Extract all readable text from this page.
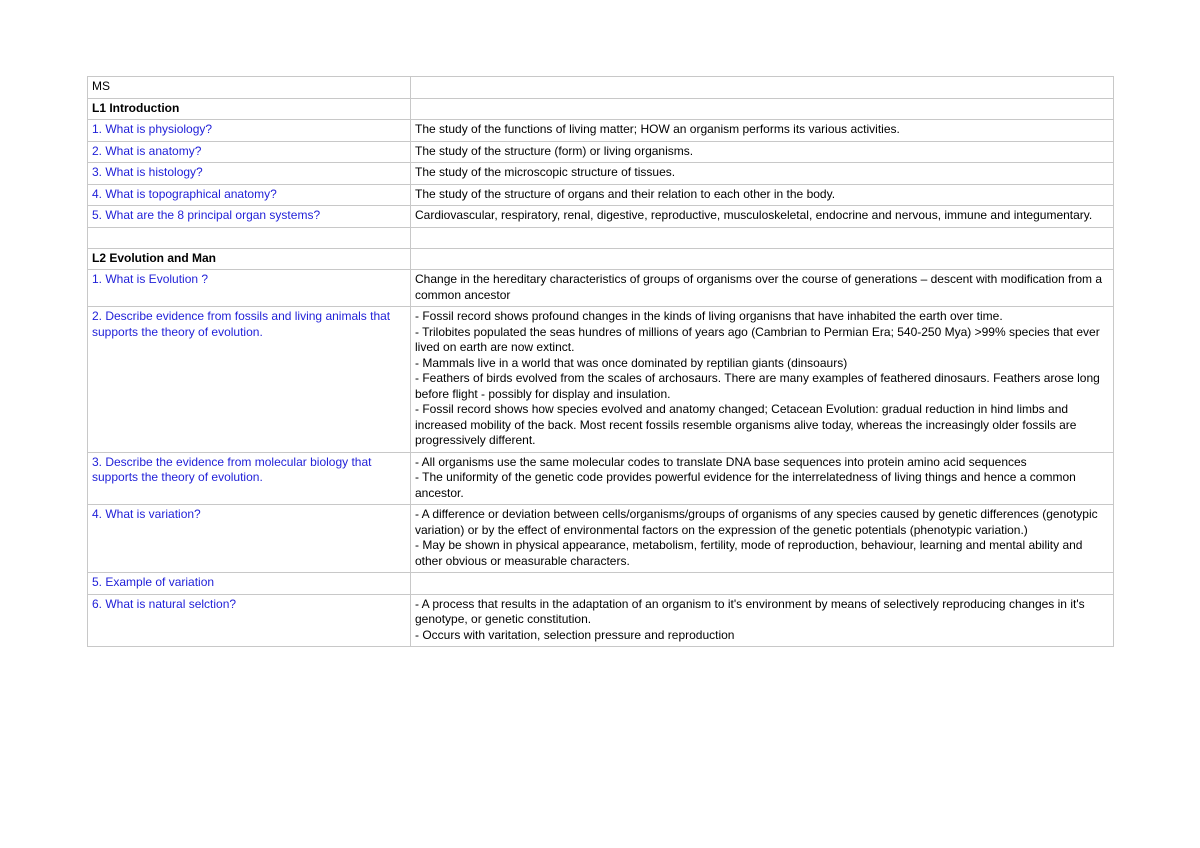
MS	
L1 Introduction	
1. What is physiology?	The study of the functions of living matter; HOW an organism performs its various activities.
2. What is anatomy?	The study of the structure (form) or living organisms.
3. What is histology?	The study of the microscopic structure of tissues.
4. What is topographical anatomy?	The study of the structure of organs and their relation to each other in the body.
5. What are the 8 principal organ systems?	Cardiovascular, respiratory, renal, digestive, reproductive, musculoskeletal, endocrine and nervous, immune and integumentary.

L2 Evolution and Man	
1. What is Evolution ?	Change in the hereditary characteristics of groups of organisms over the course of generations – descent with modification from a common ancestor
2. Describe evidence from fossils and living animals that supports the theory of evolution.	- Fossil record shows profound changes in the kinds of living organisns that have inhabited the earth over time.
- Trilobites populated the seas hundres of millions of years ago (Cambrian to Permian Era; 540-250 Mya) >99% species that ever lived on earth are now extinct.
- Mammals live in a world that was once dominated by reptilian giants (dinsoaurs)
- Feathers of birds evolved from the scales of archosaurs. There are many examples of feathered dinosaurs. Feathers arose long before flight - possibly for display and insulation.
- Fossil record shows how species evolved and anatomy changed; Cetacean Evolution: gradual reduction in hind limbs and increased mobility of the back. Most recent fossils resemble organisms alive today, whereas the increasingly older fossils are progressively different.
3. Describe the evidence from molecular biology that supports the theory of evolution.	- All organisms use the same molecular codes to translate DNA base sequences into protein amino acid sequences
- The uniformity of the genetic code provides powerful evidence for the interrelatedness of living things and hence a common ancestor.
4. What is variation?	- A difference or deviation between cells/organisms/groups of organisms of any species caused by genetic differences (genotypic variation) or by the effect of environmental factors on the expression of the genetic potentials (phenotypic variation.)
- May be shown in physical appearance, metabolism, fertility, mode of reproduction, behaviour, learning and mental ability and other obvious or measurable characters.
5. Example of variation	
6. What is natural selction?	- A process that results in the adaptation of an organism to it's environment by means of selectively reproducing changes in it's genotype, or genetic constitution.
- Occurs with varitation, selection pressure and reproduction
